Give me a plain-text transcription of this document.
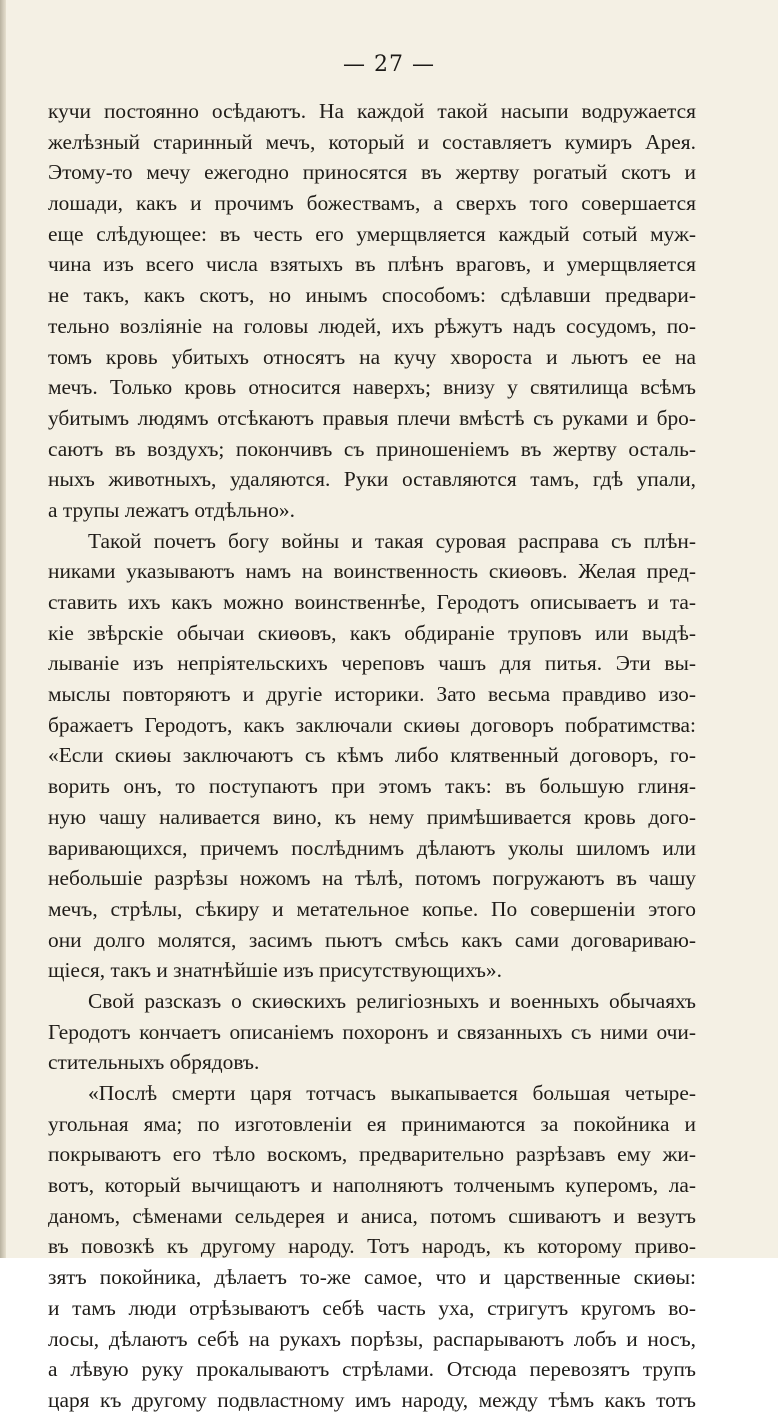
— 27 —
кучи постоянно осѣдаютъ. На каждой такой насыпи водружается
желѣзный старинный мечъ, который и составляетъ кумиръ Арея.
Этому-то мечу ежегодно приносятся въ жертву рогатый скотъ и
лошади, какъ и прочимъ божествамъ, а сверхъ того совершается
еще слѣдующее: въ честь его умерщвляется каждый сотый муж-
чина изъ всего числа взятыхъ въ плѣнъ враговъ, и умерщвляется
не такъ, какъ скотъ, но инымъ способомъ: сдѣлавши предвари-
тельно возліяніе на головы людей, ихъ рѣжутъ надъ сосудомъ, по-
томъ кровь убитыхъ относятъ на кучу хвороста и льютъ ее на
мечъ. Только кровь относится наверхъ; внизу у святилища всѣмъ
убитымъ людямъ отсѣкаютъ правыя плечи вмѣстѣ съ руками и бро-
саютъ въ воздухъ; покончивъ съ приношеніемъ въ жертву осталь-
ныхъ животныхъ, удаляются. Руки оставляются тамъ, гдѣ упали,
а трупы лежатъ отдѣльно».
Такой почетъ богу войны и такая суровая расправа съ плѣн-
никами указываютъ намъ на воинственность скиѳовъ. Желая пред-
ставить ихъ какъ можно воинственнѣе, Геродотъ описываетъ и та-
кіе звѣрскіе обычаи скиѳовъ, какъ обдираніе труповъ или выдѣ-
лываніе изъ непріятельскихъ череповъ чашъ для питья. Эти вы-
мыслы повторяютъ и другіе историки. Зато весьма правдиво изо-
бражаетъ Геродотъ, какъ заключали скиѳы договоръ побратимства:
«Если скиѳы заключаютъ съ кѣмъ либо клятвенный договоръ, го-
ворить онъ, то поступаютъ при этомъ такъ: въ большую глиня-
ную чашу наливается вино, къ нему примѣшивается кровь дого-
варивающихся, причемъ послѣднимъ дѣлаютъ уколы шиломъ или
небольшіе разрѣзы ножомъ на тѣлѣ, потомъ погружаютъ въ чашу
мечъ, стрѣлы, сѣкиру и метательное копье. По совершеніи этого
они долго молятся, засимъ пьютъ смѣсь какъ сами договариваю-
щіеся, такъ и знатнѣйшіе изъ присутствующихъ».
Свой разсказъ о скиѳскихъ религіозныхъ и военныхъ обычаяхъ
Геродотъ кончаетъ описаніемъ похоронъ и связанныхъ съ ними очи-
стительныхъ обрядовъ.
«Послѣ смерти царя тотчасъ выкапывается большая четыре-
угольная яма; по изготовленіи ея принимаются за покойника и
покрываютъ его тѣло воскомъ, предварительно разрѣзавъ ему жи-
вотъ, который вычищаютъ и наполняютъ толченымъ куперомъ, ла-
даномъ, сѣменами сельдерея и аниса, потомъ сшиваютъ и везутъ
въ повозкѣ къ другому народу. Тотъ народъ, къ которому приво-
зятъ покойника, дѣлаетъ то-же самое, что и царственные скиѳы:
и тамъ люди отрѣзываютъ себѣ часть уха, стригутъ кругомъ во-
лосы, дѣлаютъ себѣ на рукахъ порѣзы, распарываютъ лобъ и носъ,
а лѣвую руку прокалываютъ стрѣлами. Отсюда перевозятъ трупъ
царя къ другому подвластному имъ народу, между тѣмъ какъ тотъ
